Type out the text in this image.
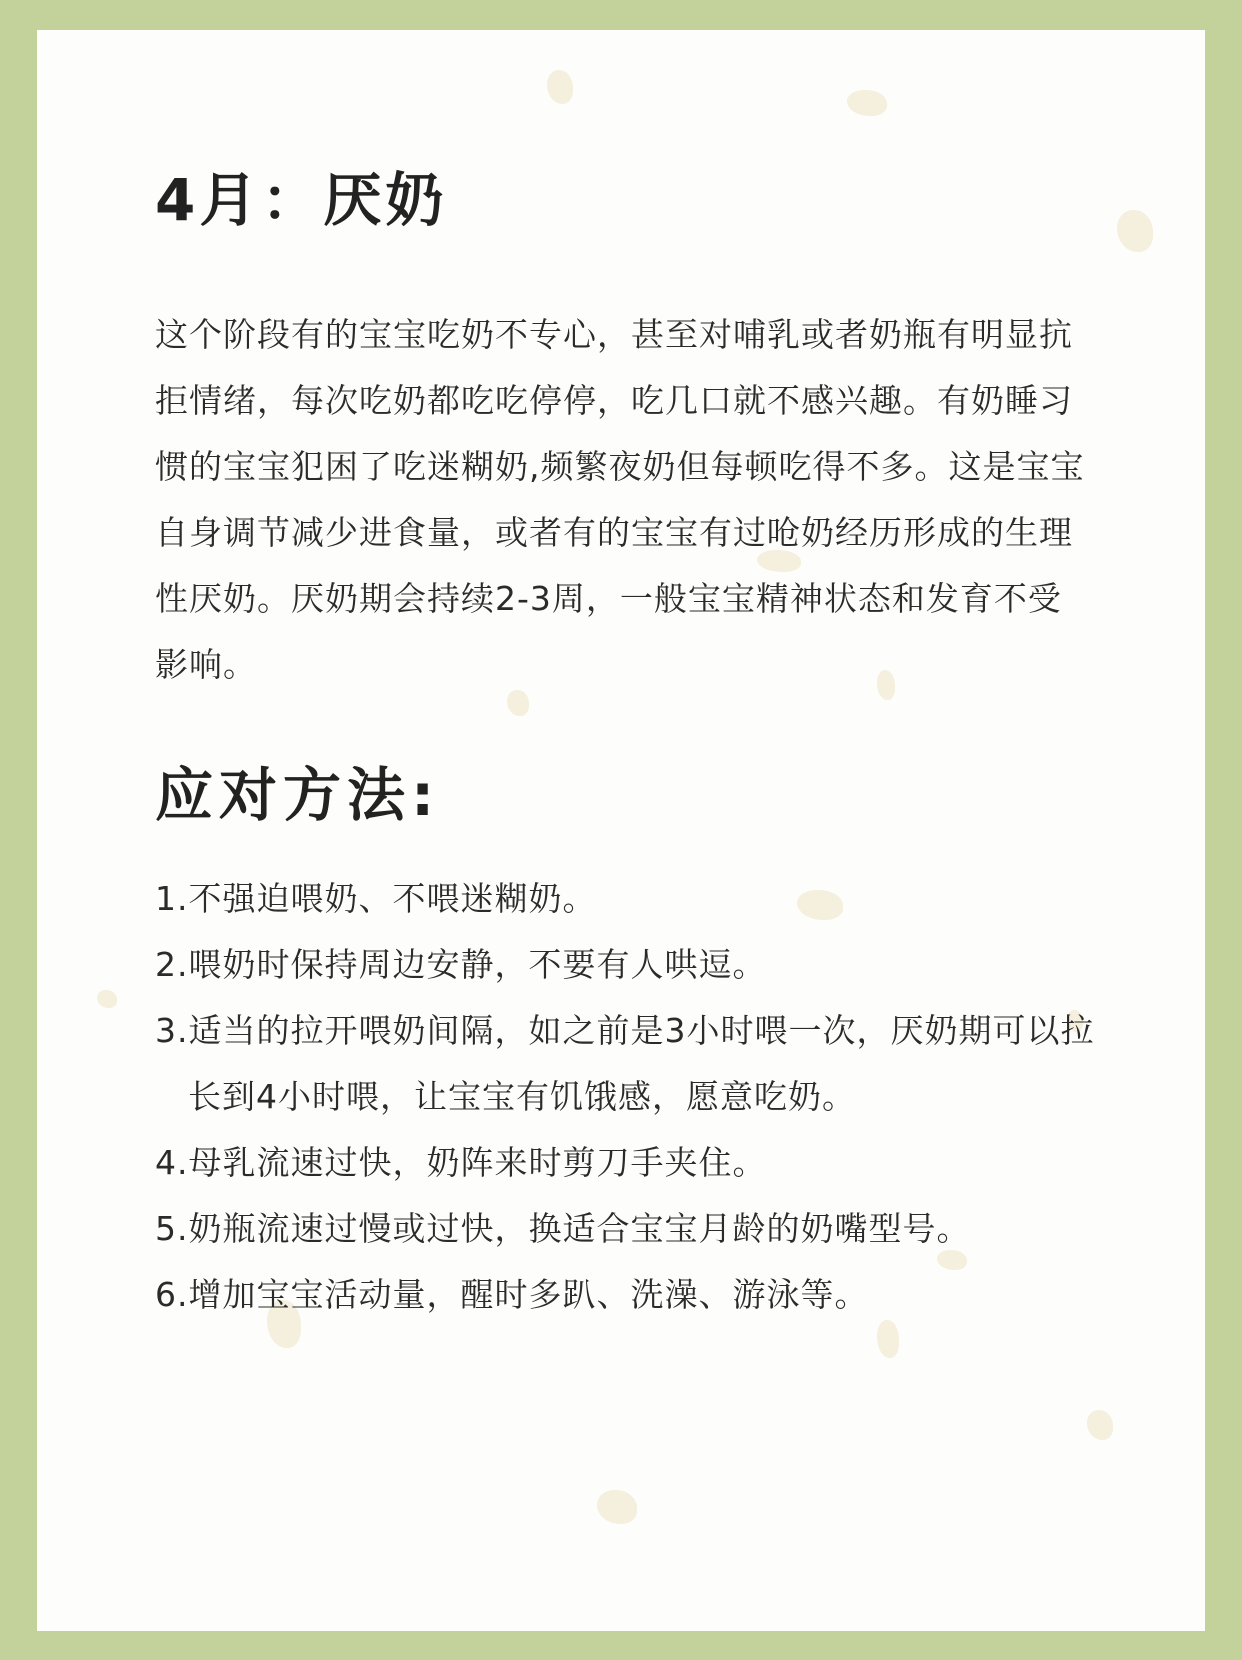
4月：厌奶

这个阶段有的宝宝吃奶不专心，甚至对哺乳或者奶瓶有明显抗拒情绪，每次吃奶都吃吃停停，吃几口就不感兴趣。有奶睡习惯的宝宝犯困了吃迷糊奶,频繁夜奶但每顿吃得不多。这是宝宝自身调节减少进食量，或者有的宝宝有过呛奶经历形成的生理性厌奶。厌奶期会持续2-3周，一般宝宝精神状态和发育不受影响。

应对方法:
1.不强迫喂奶、不喂迷糊奶。
2.喂奶时保持周边安静，不要有人哄逗。
3.适当的拉开喂奶间隔，如之前是3小时喂一次，厌奶期可以拉长到4小时喂，让宝宝有饥饿感，愿意吃奶。
4.母乳流速过快，奶阵来时剪刀手夹住。
5.奶瓶流速过慢或过快，换适合宝宝月龄的奶嘴型号。
6.增加宝宝活动量，醒时多趴、洗澡、游泳等。
